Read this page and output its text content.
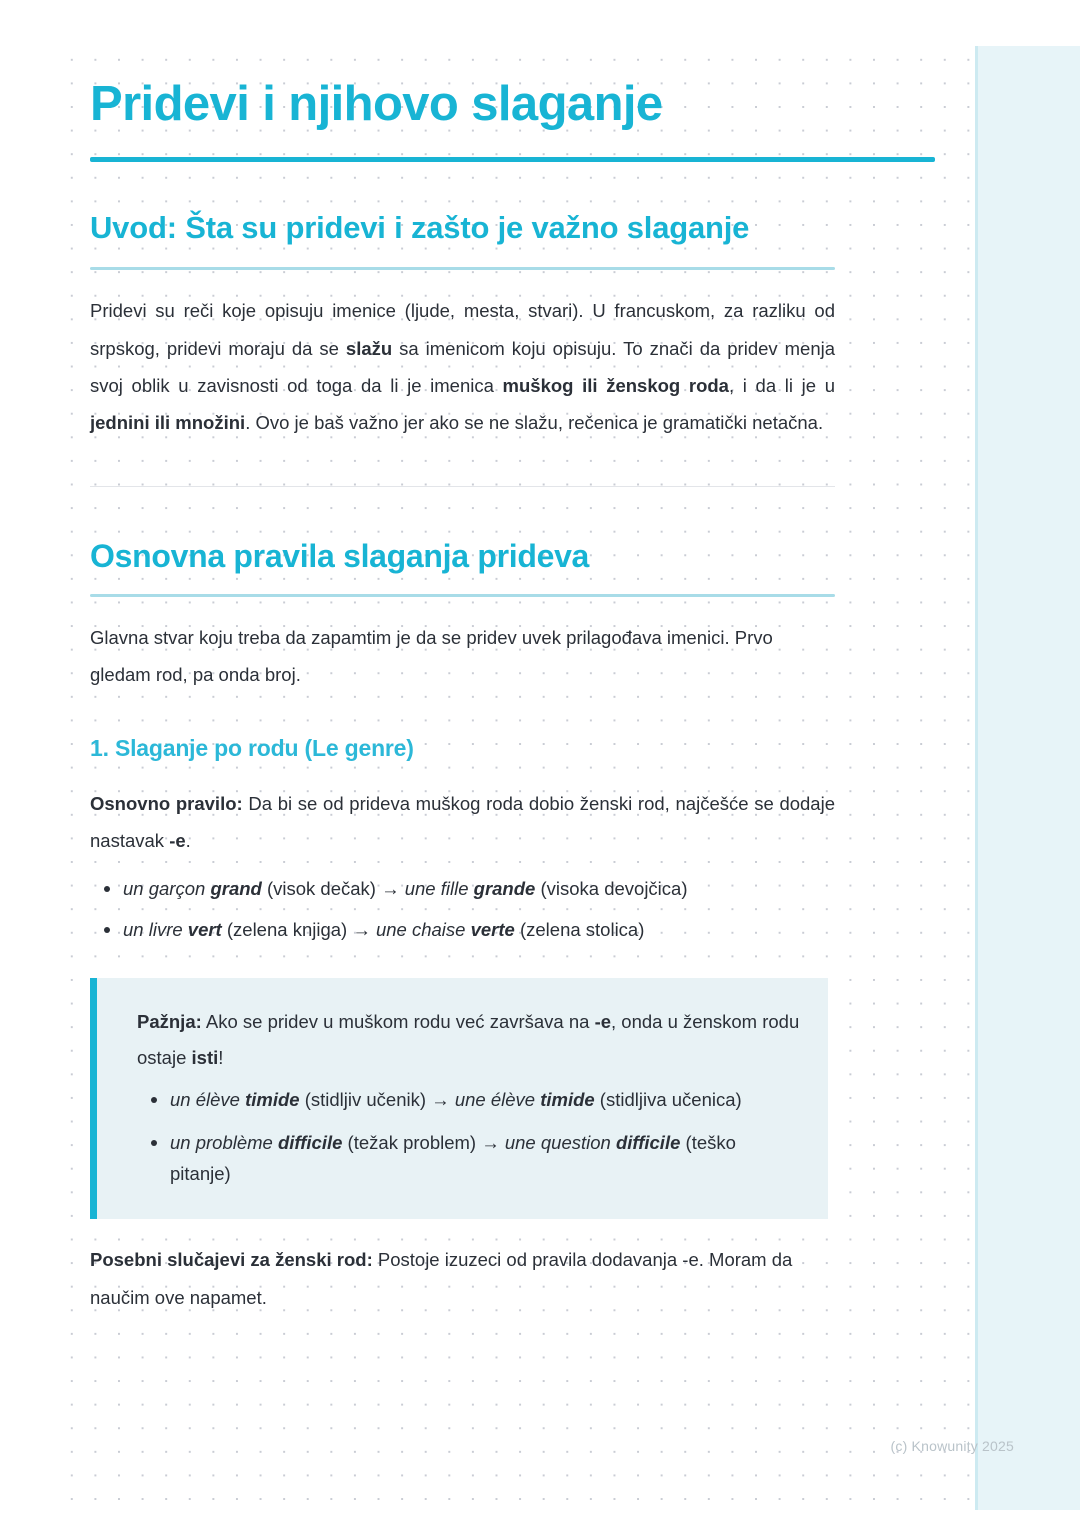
Pridevi i njihovo slaganje
Uvod: Šta su pridevi i zašto je važno slaganje

Pridevi su reči koje opisuju imenice (ljude, mesta, stvari). U francuskom, za razliku od srpskog, pridevi moraju da se slažu sa imenicom koju opisuju. To znači da pridev menja svoj oblik u zavisnosti od toga da li je imenica muškog ili ženskog roda, i da li je u jednini ili množini. Ovo je baš važno jer ako se ne slažu, rečenica je gramatički netačna.

Osnovna pravila slaganja prideva

Glavna stvar koju treba da zapamtim je da se pridev uvek prilagođava imenici. Prvo gledam rod, pa onda broj.

1. Slaganje po rodu (Le genre)

Osnovno pravilo: Da bi se od prideva muškog roda dobio ženski rod, najčešće se dodaje nastavak -e.

un garçon grand (visok dečak) → une fille grande (visoka devojčica)
un livre vert (zelena knjiga) → une chaise verte (zelena stolica)

Pažnja: Ako se pridev u muškom rodu već završava na -e, onda u ženskom rodu ostaje isti!

un élève timide (stidljiv učenik) → une élève timide (stidljiva učenica)
un problème difficile (težak problem) → une question difficile (teško pitanje)

Posebni slučajevi za ženski rod: Postoje izuzeci od pravila dodavanja -e. Moram da naučim ove napamet.

(c) Knowunity 2025
